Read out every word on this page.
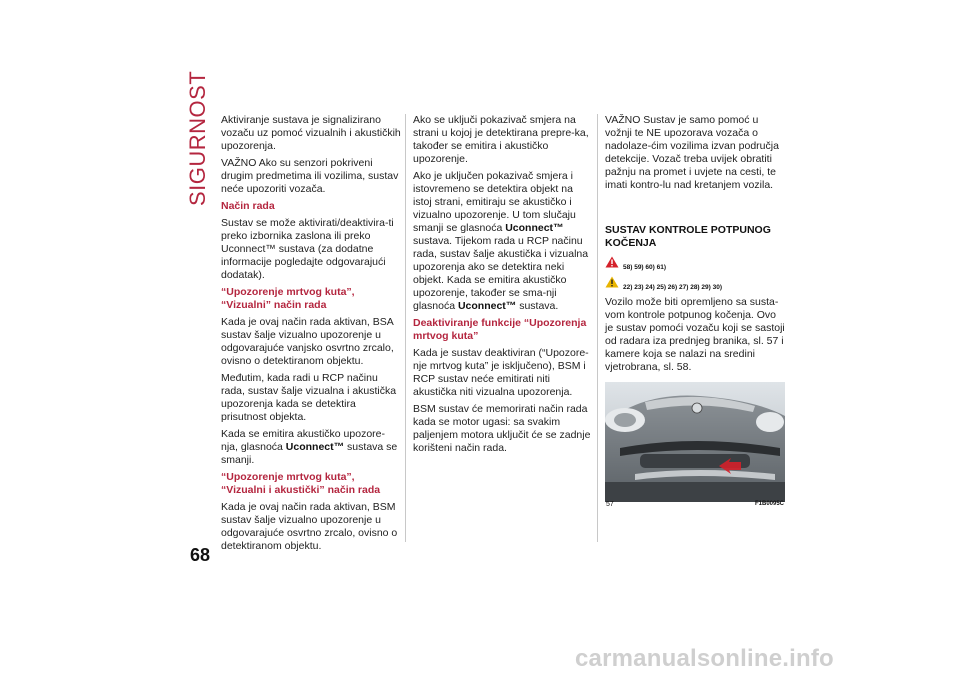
SIGURNOST
68

Aktiviranje sustava je signalizirano vozaču uz pomoć vizualnih i akustičkih upozorenja.

VAŽNO Ako su senzori pokriveni drugim predmetima ili vozilima, sustav neće upozoriti vozača.

Način rada

Sustav se može aktivirati/deaktivira-ti preko izbornika zaslona ili preko Uconnect™ sustava (za dodatne informacije pogledajte odgovarajući dodatak).

“Upozorenje mrtvog kuta”, “Vizualni” način rada

Kada je ovaj način rada aktivan, BSA sustav šalje vizualno upozorenje u odgovarajuće vanjsko osvrtno zrcalo, ovisno o detektiranom objektu.

Međutim, kada radi u RCP načinu rada, sustav šalje vizualna i akustička upozorenja kada se detektira prisutnost objekta.

Kada se emitira akustičko upozore-nja, glasnoća Uconnect™ sustava se smanji.

“Upozorenje mrtvog kuta”, “Vizualni i akustički” način rada

Kada je ovaj način rada aktivan, BSM sustav šalje vizualno upozorenje u odgovarajuće osvrtno zrcalo, ovisno o detektiranom objektu.

Ako se uključi pokazivač smjera na strani u kojoj je detektirana prepre-ka, također se emitira i akustičko upozorenje.

Ako je uključen pokazivač smjera i istovremeno se detektira objekt na istoj strani, emitiraju se akustičko i vizualno upozorenje. U tom slučaju smanji se glasnoća Uconnect™ sustava. Tijekom rada u RCP načinu rada, sustav šalje akustička i vizualna upozorenja ako se detektira neki objekt. Kada se emitira akustičko upozorenje, također se sma-nji glasnoća Uconnect™ sustava.

Deaktiviranje funkcije “Upozorenja mrtvog kuta”

Kada je sustav deaktiviran (“Upozore-nje mrtvog kuta” je isključeno), BSM i RCP sustav neće emitirati niti akustička niti vizualna upozorenja.

BSM sustav će memorirati način rada kada se motor ugasi: sa svakim paljenjem motora uključit će se zadnje korišteni način rada.

VAŽNO Sustav je samo pomoć u vožnji te NE upozorava vozača o nadolaze-ćim vozilima izvan područja detekcije. Vozač treba uvijek obratiti pažnju na promet i uvjete na cesti, te imati kontro-lu nad kretanjem vozila.

SUSTAV KONTROLE POTPUNOG KOČENJA
58) 59) 60) 61)
22) 23) 24) 25) 26) 27) 28) 29) 30)

Vozilo može biti opremljeno sa susta-vom kontrole potpunog kočenja. Ovo je sustav pomoći vozaču koji se sastoji od radara iza prednjeg branika, sl. 57 i kamere koja se nalazi na sredini vjetrobrana, sl. 58.

57	F1B0095C
carmanualsonline.info
